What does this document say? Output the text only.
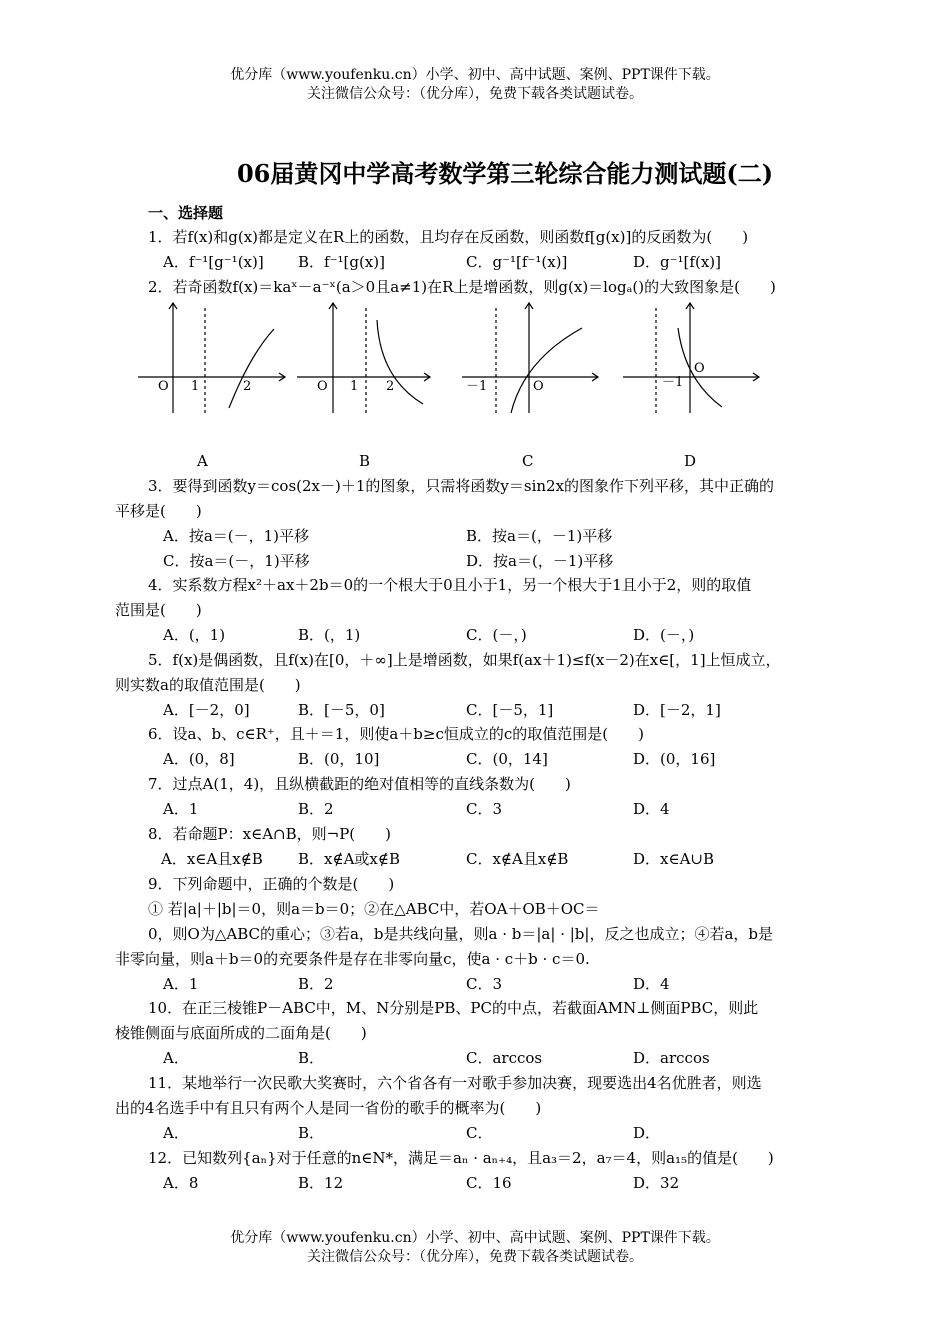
优分库（www.youfenku.cn）小学、初中、高中试题、案例、PPT课件下载。
关注微信公众号：（优分库），免费下载各类试题试卷。
06届黄冈中学高考数学第三轮综合能力测试题(二)
一、选择题
1．若f(x)和g(x)都是定义在R上的函数，且均存在反函数，则函数f[g(x)]的反函数为(　　)
A．f⁻¹[g⁻¹(x)] B．f⁻¹[g(x)]	C．g⁻¹[f⁻¹(x)]	D．g⁻¹[f(x)]
2．若奇函数f(x)＝kaˣ－a⁻ˣ(a＞0且a≠1)在R上是增函数，则g(x)＝logₐ()的大致图象是(　　)
O 1	2	O 1 2	O
－1
O
－1
A	B	C	D
3．要得到函数y＝cos(2x－)＋1的图象，只需将函数y＝sin2x的图象作下列平移，其中正确的
平移是(　　)
A．按a＝(－，1)平移	B．按a＝(，－1)平移
C．按a＝(－，1)平移	D．按a＝(，－1)平移
4．实系数方程x²＋ax＋2b＝0的一个根大于0且小于1，另一个根大于1且小于2，则的取值
范围是(　　)
A．(，1)	B．(，1)	C．(－，)	D．(－，)
5．f(x)是偶函数，且f(x)在[0，＋∞]上是增函数，如果f(ax＋1)≤f(x－2)在x∈[，1]上恒成立，
则实数a的取值范围是(　　)
A．[－2，0]	B．[－5，0]	C．[－5，1]	D．[－2，1]
6．设a、b、c∈R⁺，且＋＝1，则使a＋b≥c恒成立的c的取值范围是(　　)
A．(0，8]	B．(0，10]	C．(0，14]	D．(0，16]
7．过点A(1，4)，且纵横截距的绝对值相等的直线条数为(　　)
A．1	B．2	C．3	D．4
8．若命题P：x∈A∩B，则¬P(　　)
A．x∈A且x∉B B．x∉A或x∉B	C．x∉A且x∉B	D．x∈A∪B
9．下列命题中，正确的个数是(　　)
① 若|a|＋|b|＝0，则a＝b＝0；②在△ABC中，若OA＋OB＋OC＝
0，则O为△ABC的重心；③若a，b是共线向量，则a · b＝|a| · |b|，反之也成立；④若a，b是
非零向量，则a＋b＝0的充要条件是存在非零向量c，使a · c＋b · c＝0.
A．1	B．2	C．3	D．4
10．在正三棱锥P－ABC中，M、N分别是PB、PC的中点，若截面AMN⊥侧面PBC，则此
棱锥侧面与底面所成的二面角是(　　)
A．	B．	C．arccos	D．arccos
11．某地举行一次民歌大奖赛时，六个省各有一对歌手参加决赛，现要选出4名优胜者，则选
出的4名选手中有且只有两个人是同一省份的歌手的概率为(　　)
A．	B．	C．	D．
12．已知数列{aₙ}对于任意的n∈N*，满足＝aₙ · aₙ₊₄，且a₃＝2，a₇＝4，则a₁₅的值是(　　)
A．8	B．12	C．16	D．32
优分库（www.youfenku.cn）小学、初中、高中试题、案例、PPT课件下载。
关注微信公众号：（优分库），免费下载各类试题试卷。
